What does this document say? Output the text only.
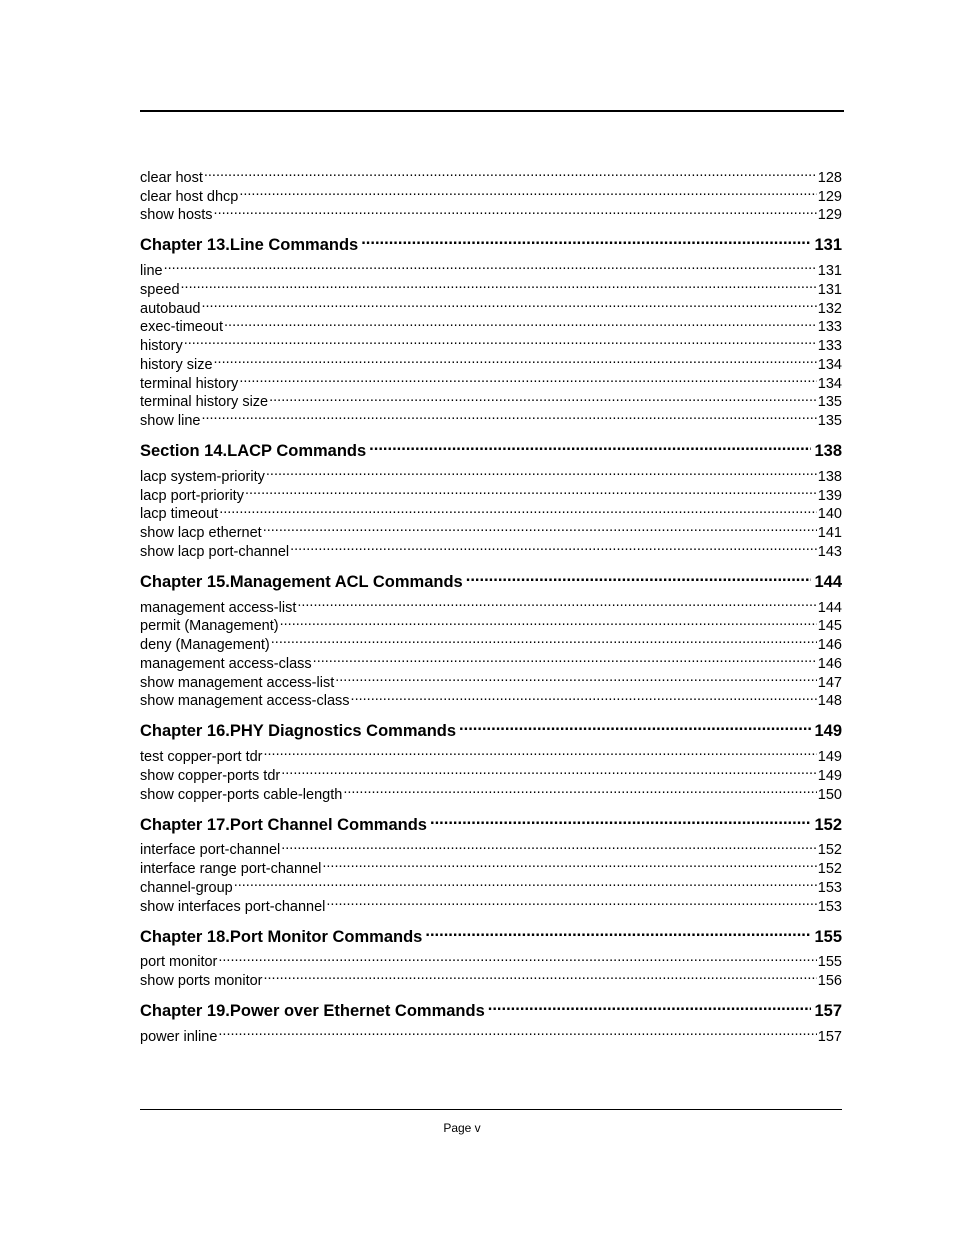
clear host .....	128
clear host dhcp .....	129
show hosts .....	129
Chapter 13.Line Commands .....	131
line .....	131
speed .....	131
autobaud .....	132
exec-timeout .....	133
history .....	133
history size .....	134
terminal history .....	134
terminal history size .....	135
show line .....	135
Section 14.LACP Commands .....	138
lacp system-priority .....	138
lacp port-priority .....	139
lacp timeout .....	140
show lacp ethernet .....	141
show lacp port-channel .....	143
Chapter 15.Management ACL Commands .....	144
management access-list .....	144
permit (Management) .....	145
deny (Management) .....	146
management access-class .....	146
show management access-list .....	147
show management access-class .....	148
Chapter 16.PHY Diagnostics Commands .....	149
test copper-port tdr .....	149
show copper-ports tdr .....	149
show copper-ports cable-length .....	150
Chapter 17.Port Channel Commands .....	152
interface port-channel .....	152
interface range port-channel .....	152
channel-group .....	153
show interfaces port-channel .....	153
Chapter 18.Port Monitor Commands .....	155
port monitor .....	155
show ports monitor .....	156
Chapter 19.Power over Ethernet Commands .....	157
power inline .....	157
Page v
